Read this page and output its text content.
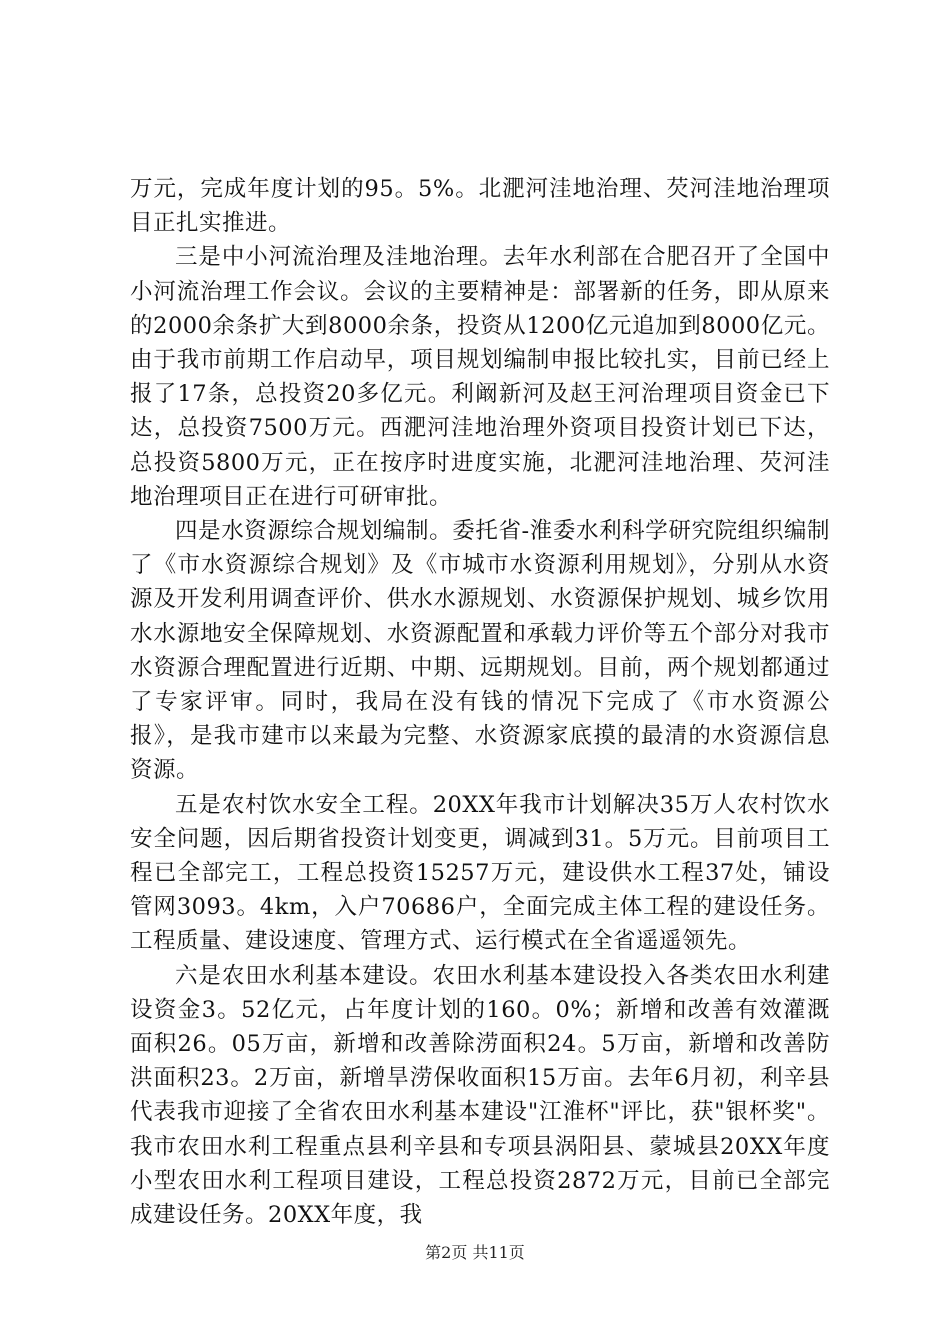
万元，完成年度计划的95。5%。北淝河洼地治理、芡河洼地治理项目正扎实推进。

三是中小河流治理及洼地治理。去年水利部在合肥召开了全国中小河流治理工作会议。会议的主要精神是：部署新的任务，即从原来的2000余条扩大到8000余条，投资从1200亿元追加到8000亿元。由于我市前期工作启动早，项目规划编制申报比较扎实，目前已经上报了17条，总投资20多亿元。利阚新河及赵王河治理项目资金已下达，总投资7500万元。西淝河洼地治理外资项目投资计划已下达，总投资5800万元，正在按序时进度实施，北淝河洼地治理、芡河洼地治理项目正在进行可研审批。

四是水资源综合规划编制。委托省-淮委水利科学研究院组织编制了《市水资源综合规划》及《市城市水资源利用规划》，分别从水资源及开发利用调查评价、供水水源规划、水资源保护规划、城乡饮用水水源地安全保障规划、水资源配置和承载力评价等五个部分对我市水资源合理配置进行近期、中期、远期规划。目前，两个规划都通过了专家评审。同时，我局在没有钱的情况下完成了《市水资源公报》，是我市建市以来最为完整、水资源家底摸的最清的水资源信息资源。

五是农村饮水安全工程。20XX年我市计划解决35万人农村饮水安全问题，因后期省投资计划变更，调减到31。5万元。目前项目工程已全部完工，工程总投资15257万元，建设供水工程37处，铺设管网3093。4km，入户70686户，全面完成主体工程的建设任务。工程质量、建设速度、管理方式、运行模式在全省遥遥领先。

六是农田水利基本建设。农田水利基本建设投入各类农田水利建设资金3。52亿元，占年度计划的160。0%；新增和改善有效灌溉面积26。05万亩，新增和改善除涝面积24。5万亩，新增和改善防洪面积23。2万亩，新增旱涝保收面积15万亩。去年6月初，利辛县代表我市迎接了全省农田水利基本建设"江淮杯"评比，获"银杯奖"。我市农田水利工程重点县利辛县和专项县涡阳县、蒙城县20XX年度小型农田水利工程项目建设，工程总投资2872万元，目前已全部完成建设任务。20XX年度，我

第2页 共11页
